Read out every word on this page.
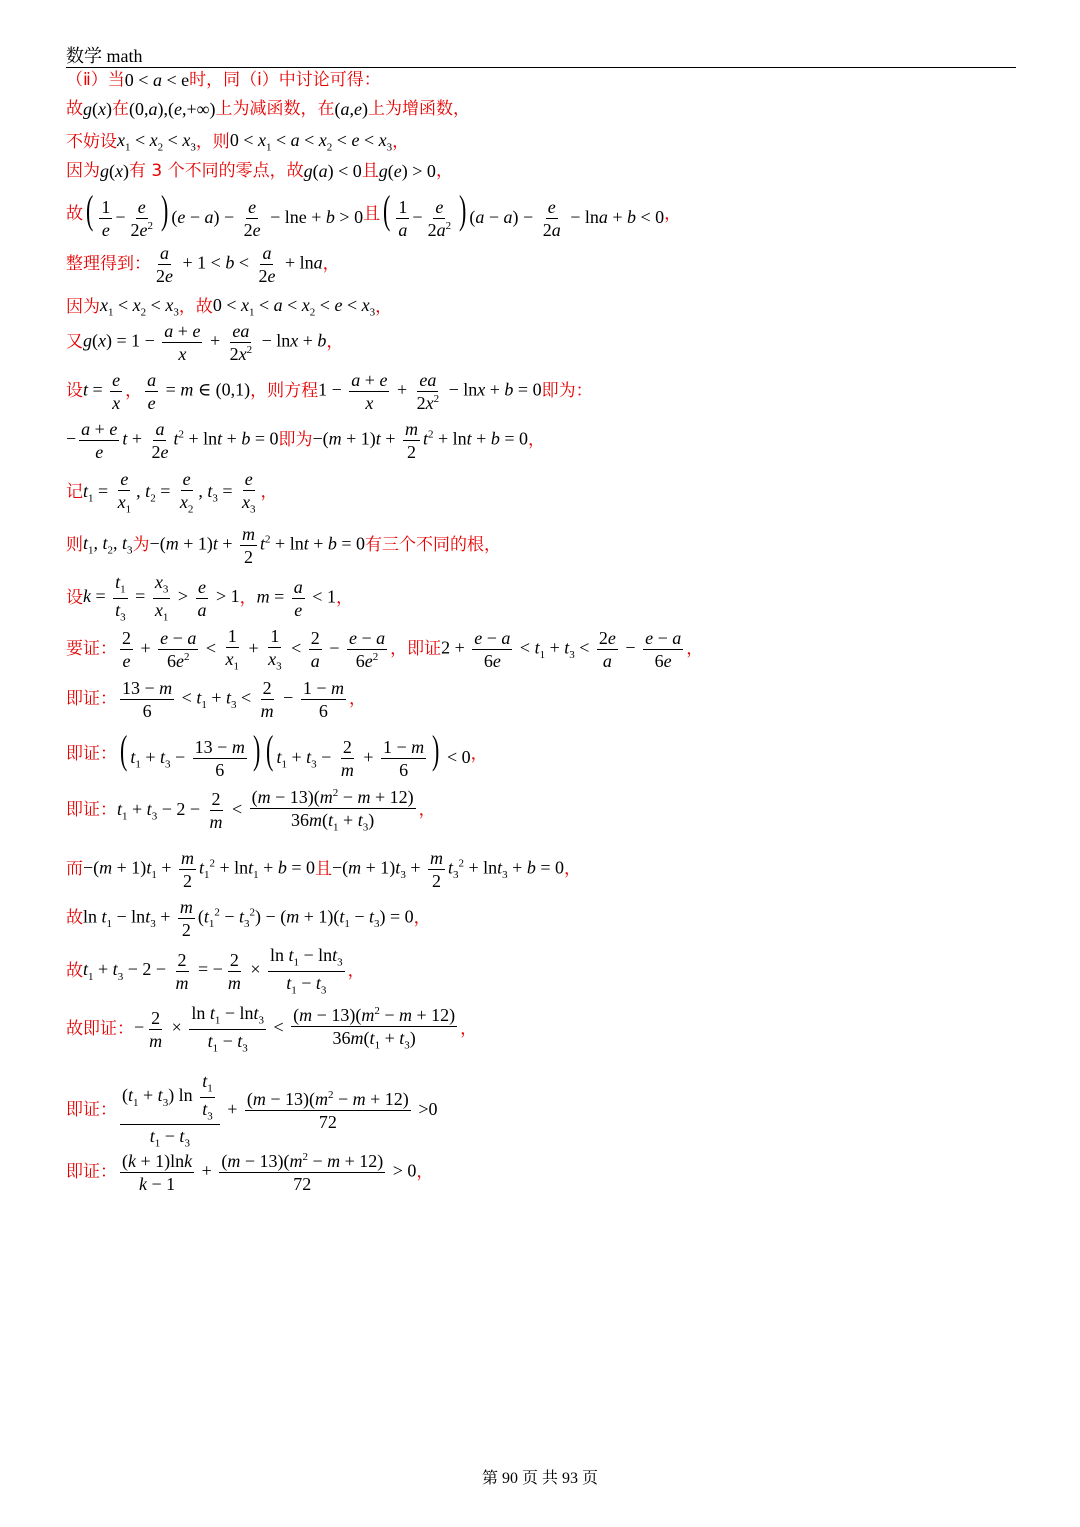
数学 math
（ⅱ）当 0 < a < e 时，同（ⅰ）中讨论可得：
故 g(x) 在 (0,a),(e,+∞) 上为减函数，在 (a,e) 上为增函数，
不妨设 $x_1 < x_2 < x_3$ ，则 $0 < x_1 < a < x_2 < e < x_3$ ，
因为 g(x) 有 3 个不同的零点，故 g(a) < 0 且 g(e) > 0 ，
故 ( $\frac{1}{e} - \frac{e}{2e^2}$ ) $(e - a) - \frac{e}{2e} - \ln e + b > 0$ 且 ( $\frac{1}{a} - \frac{e}{2a^2}$ ) $(a - a) - \frac{e}{2a} - \ln a + b < 0$ ，
整理得到： $\frac{a}{2e} + 1 < b < \frac{a}{2e} + \ln a$ ，
因为 $x_1 < x_2 < x_3$ ，故 $0 < x_1 < a < x_2 < e < x_3$ ，
又 $g(x) = 1 - \frac{a + e}{x} + \frac{ea}{2x^2} - \ln x + b$ ，
设 $t = \frac{e}{x}$ ， $\frac{a}{e} = m$ ∈ (0,1) ，则方程 $1 - \frac{a + e}{x} + \frac{ea}{2x^2} - \ln x + b = 0$ 即为：
− $\frac{a + e}{e}$ $t + \frac{a}{2e} t^2 + \ln t + b = 0$ 即为 $-(m + 1)t + \frac{m}{2} t^2 + \ln t + b = 0$ ，
记 $t_1 = \frac{e}{x_1}$ , $t_2 = \frac{e}{x_2}$ , $t_3 = \frac{e}{x_3}$ ，
则 $t_1$, $t_2$, $t_3$ 为 $-(m + 1)t + \frac{m}{2} t^2 + \ln t + b = 0$ 有三个不同的根，
设 $k = \frac{t_1}{t_3} = \frac{x_3}{x_1} > \frac{e}{a} > 1$ ， $m = \frac{a}{e} < 1$ ，
要证： $\frac{2}{e} + \frac{e - a}{6e^2} < \frac{1}{x_1} + \frac{1}{x_3} < \frac{2}{a} - \frac{e - a}{6e^2}$ ，即证 $2 + \frac{e - a}{6e} < t_1 + t_3 < \frac{2e}{a} - \frac{e - a}{6e}$ ，
即证： $\frac{13 - m}{6} < t_1 + t_3 < \frac{2}{m} - \frac{1 - m}{6}$ ，
即证： ( $t_1 + t_3 - \frac{13 - m}{6}$ ) ( $t_1 + t_3 - \frac{2}{m} + \frac{1 - m}{6}$ ) < 0 ，
即证： $t_1 + t_3 - 2 - \frac{2}{m} < \frac{(m - 13)(m^2 - m + 12)}{36m(t_1 + t_3)}$ ，
而 $-(m + 1)t_1 + \frac{m}{2} t_1^2 + \ln t_1 + b = 0$ 且 $-(m + 1)t_3 + \frac{m}{2} t_3^2 + \ln t_3 + b = 0$ ，
故 $\ln t_1 - \ln t_3 + \frac{m}{2} (t_1^2 - t_3^2) - (m + 1)(t_1 - t_3) = 0$ ，
故 $t_1 + t_3 - 2 - \frac{2}{m}$ = − $\frac{2}{m} \times \frac{\ln t_1 - \ln t_3}{t_1 - t_3}$ ，
故即证： − $\frac{2}{m} \times \frac{\ln t_1 - \ln t_3}{t_1 - t_3} < \frac{(m - 13)(m^2 - m + 12)}{36m(t_1 + t_3)}$ ，
即证： $\frac{(t_1 + t_3) \ln \frac{t_1}{t_3}}{t_1 - t_3} + \frac{(m - 13)(m^2 - m + 12)}{72} >0$
即证： $\frac{(k + 1)\ln k}{k - 1} + \frac{(m - 13)(m^2 - m + 12)}{72} > 0$ ，
第 90 页 共 93 页
